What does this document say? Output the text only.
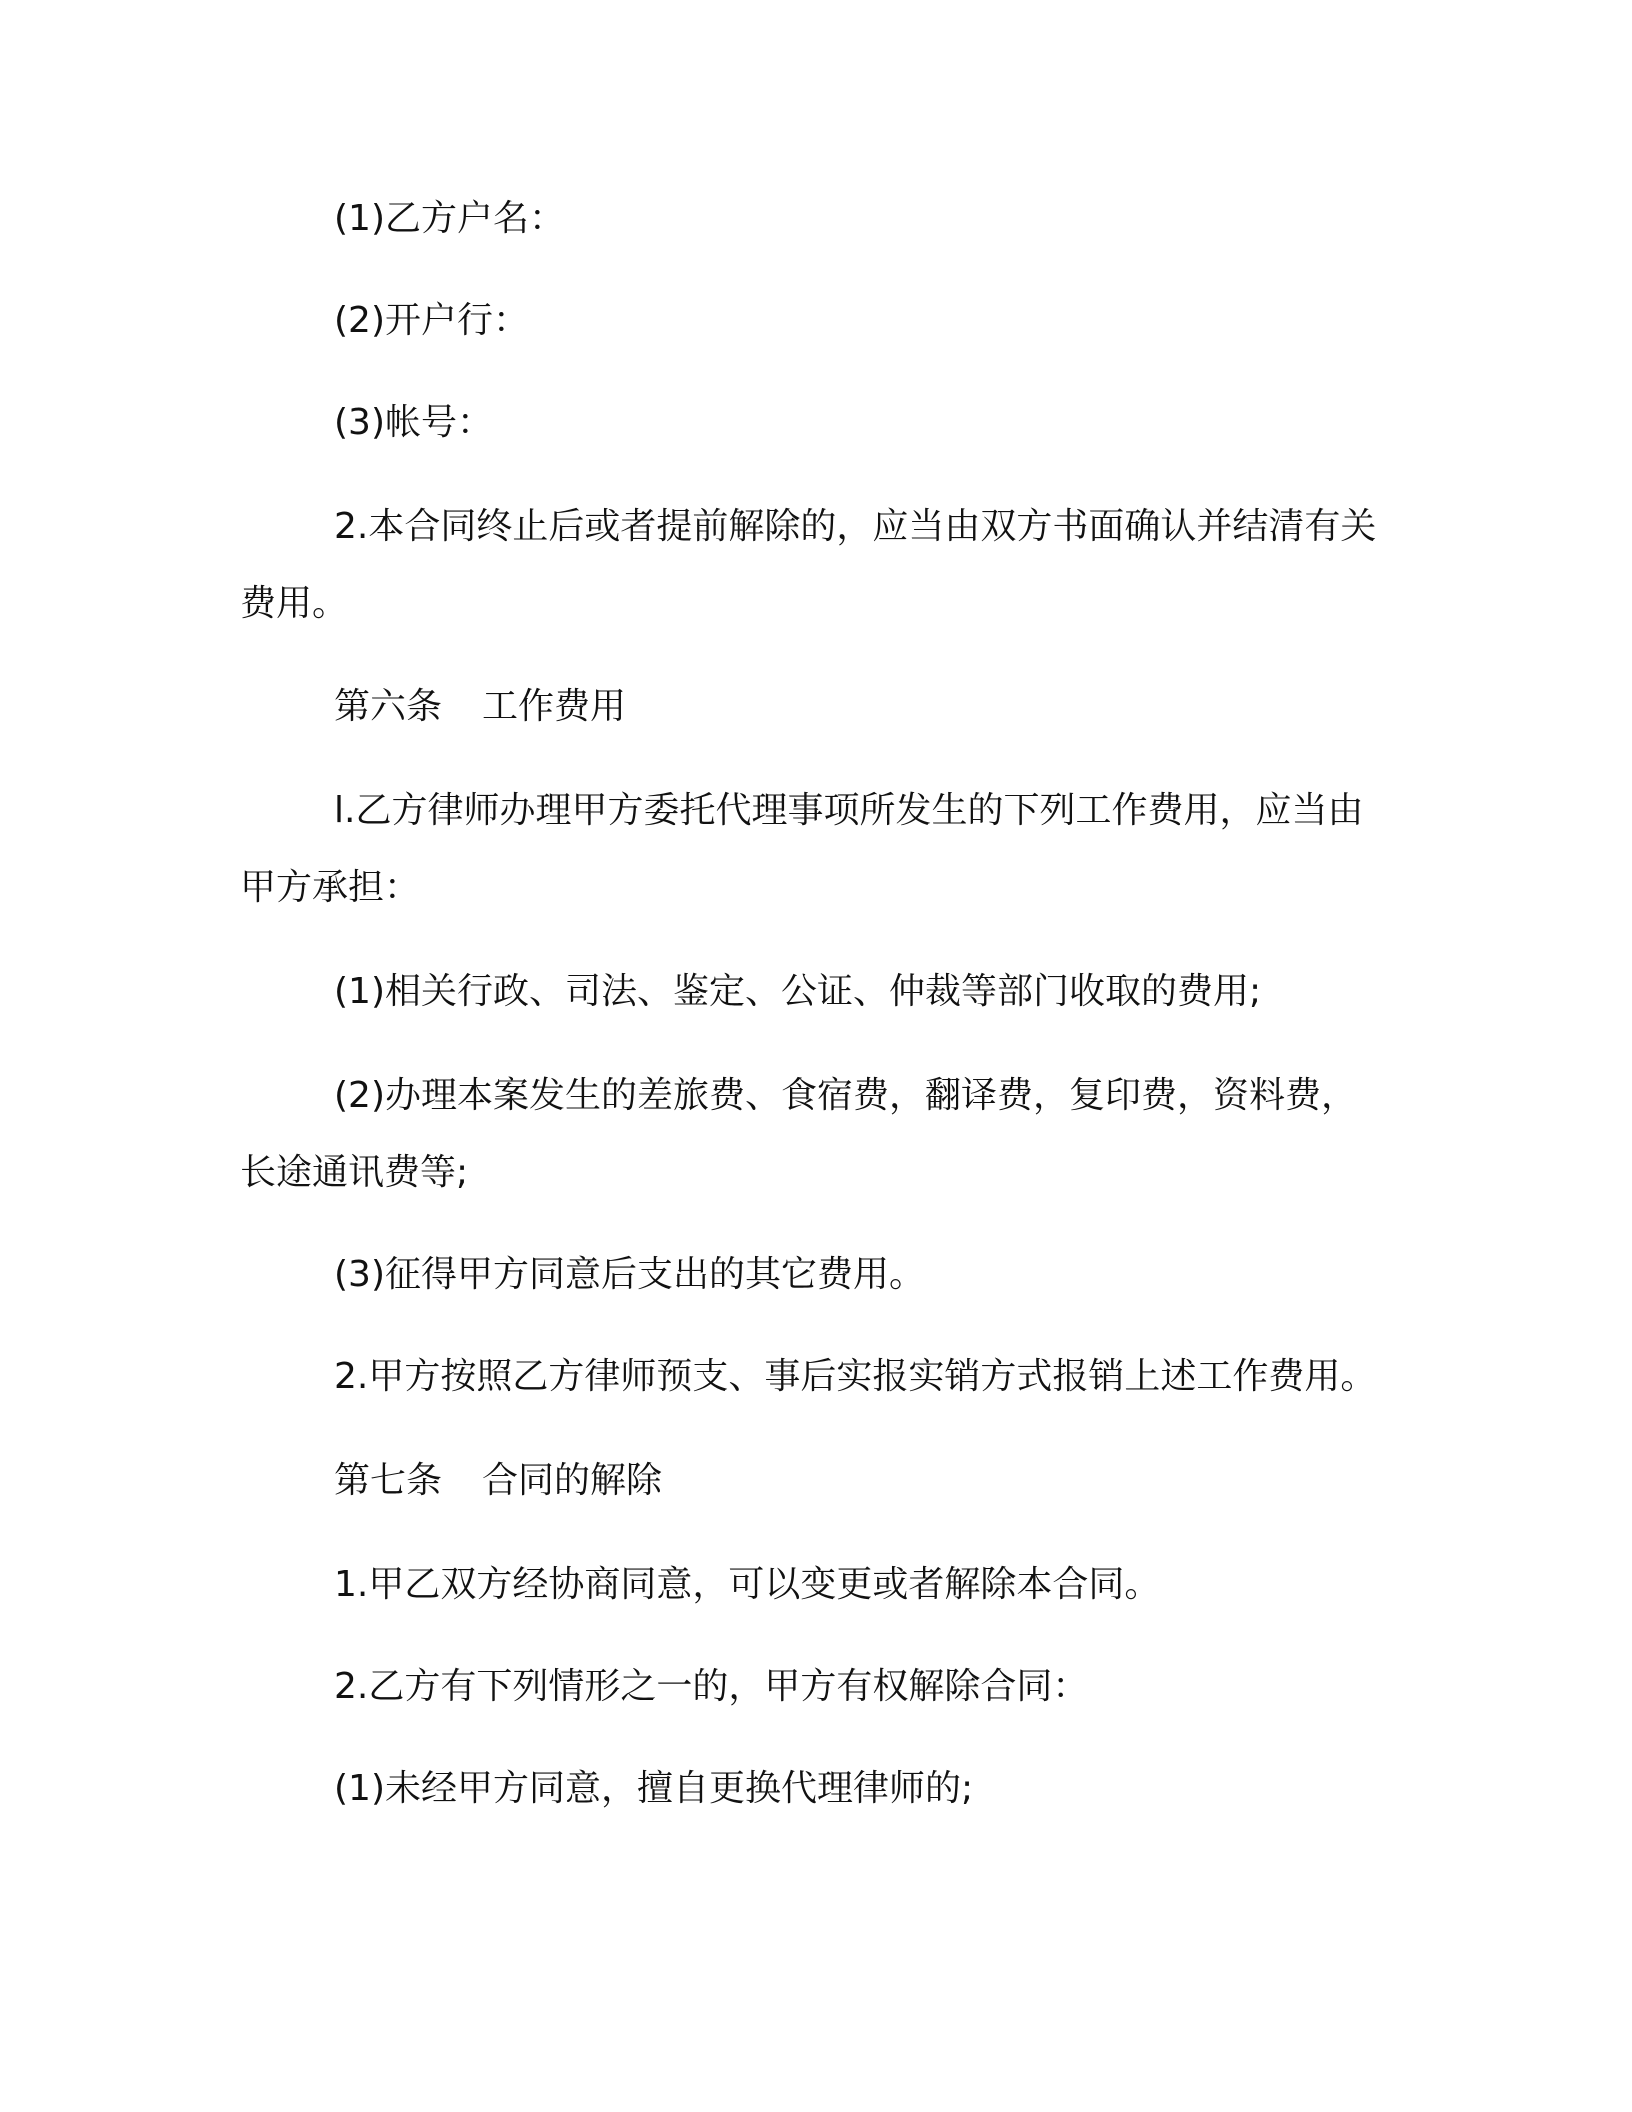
(1)乙方户名：

(2)开户行：

(3)帐号：

2.本合同终止后或者提前解除的，应当由双方书面确认并结清有关费用。

第六条 工作费用

l.乙方律师办理甲方委托代理事项所发生的下列工作费用，应当由甲方承担：

(1)相关行政、司法、鉴定、公证、仲裁等部门收取的费用;

(2)办理本案发生的差旅费、食宿费，翻译费，复印费，资料费，长途通讯费等;

(3)征得甲方同意后支出的其它费用。

2.甲方按照乙方律师预支、事后实报实销方式报销上述工作费用。

第七条 合同的解除

1.甲乙双方经协商同意，可以变更或者解除本合同。

2.乙方有下列情形之一的，甲方有权解除合同：

(1)未经甲方同意，擅自更换代理律师的;
